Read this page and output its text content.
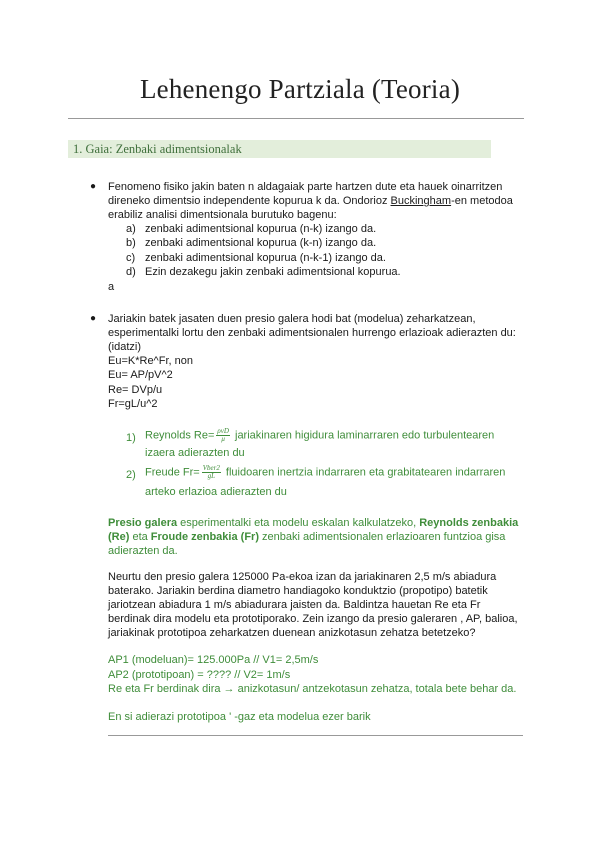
Lehenengo Partziala (Teoria)
1. Gaia: Zenbaki adimentsionalak
● Fenomeno fisiko jakin baten n aldagaiak parte hartzen dute eta hauek oinarritzen
direneko dimentsio independente kopurua k da. Ondorioz Buckingham-en metodoa
erabiliz analisi dimentsionala burutuko bagenu:
a) zenbaki adimentsional kopurua (n-k) izango da.
b) zenbaki adimentsional kopurua (k-n) izango da.
c) zenbaki adimentsional kopurua (n-k-1) izango da.
d) Ezin dezakegu jakin zenbaki adimentsional kopurua.
a
● Jariakin batek jasaten duen presio galera hodi bat (modelua) zeharkatzean,
esperimentalki lortu den zenbaki adimentsionalen hurrengo erlazioak adierazten du:
(idatzi)
Eu=K*Re^Fr, non
Eu= AP/pV^2
Re= DVp/u
Fr=gL/u^2
1) Reynolds $Re= \frac{\text{ρvD}}{\mu}$ jariakinaren higidura laminarraren edo turbulentearen
izaera adierazten du
2) Freude $Fr= \frac{\text{Vber2}}{gL}$ fluidoaren inertzia indarraren eta grabitatearen indarraren
arteko erlazioa adierazten du
Presio galera esperimentalki eta modelu eskalan kalkulatzeko, Reynolds zenbakia
(Re) eta Froude zenbakia (Fr) zenbaki adimentsionalen erlazioaren funtzioa gisa
adierazten da.
Neurtu den presio galera 125000 Pa-ekoa izan da jariakinaren 2,5 m/s abiadura
baterako. Jariakin berdina diametro handiagoko konduktzio (propotipo) batetik
jariotzean abiadura 1 m/s abiadurara jaisten da. Baldintza hauetan Re eta Fr
berdinak dira modelu eta prototiporako. Zein izango da presio galeraren , AP, balioa,
jariakinak prototipoa zeharkatzen duenean anizkotasun zehatza betetzeko?
AP1 (modeluan)= 125.000Pa // V1= 2,5m/s
AP2 (prototipoan) = ???? // V2= 1m/s
Re eta Fr berdinak dira → anizkotasun/ antzekotasun zehatza, totala bete behar da.
En si adierazi prototipoa ' -gaz eta modelua ezer barik
